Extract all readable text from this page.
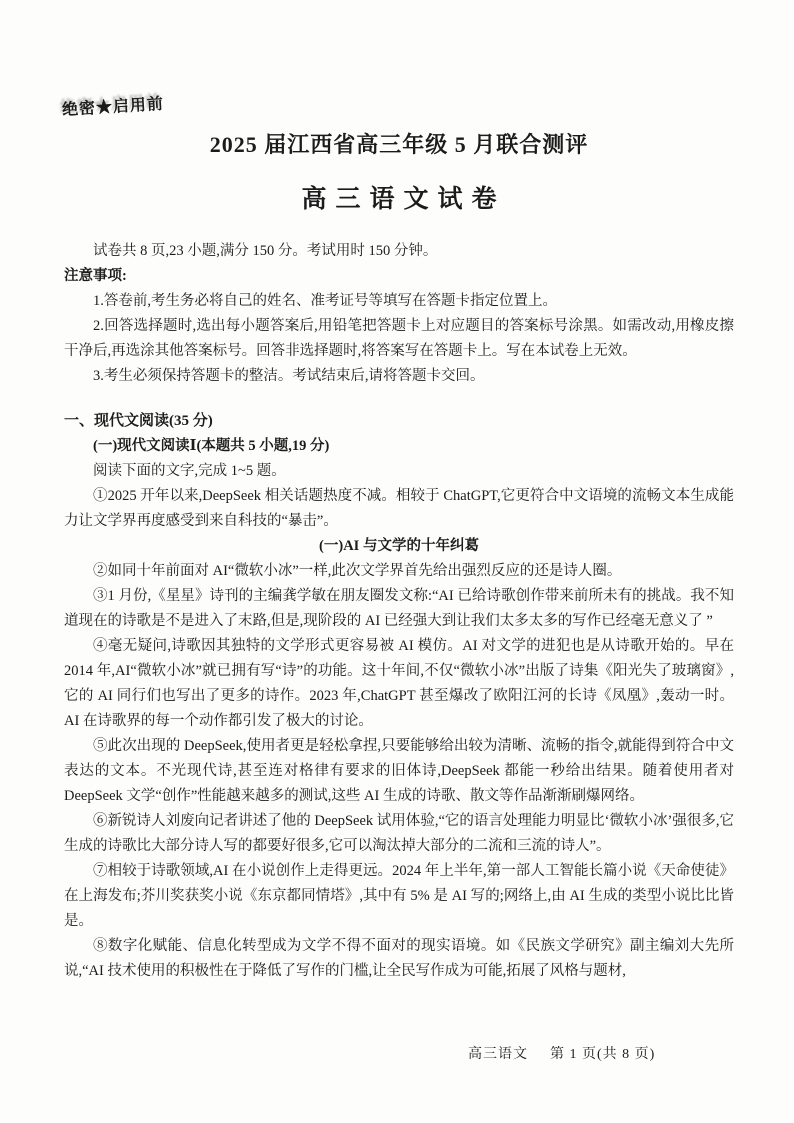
绝密★启用前
2025 届江西省高三年级 5 月联合测评
高三语文试卷

试卷共 8 页,23 小题,满分 150 分。考试用时 150 分钟。

注意事项:

1.答卷前,考生务必将自己的姓名、准考证号等填写在答题卡指定位置上。

2.回答选择题时,选出每小题答案后,用铅笔把答题卡上对应题目的答案标号涂黑。如需改动,用橡皮擦干净后,再选涂其他答案标号。回答非选择题时,将答案写在答题卡上。写在本试卷上无效。

3.考生必须保持答题卡的整洁。考试结束后,请将答题卡交回。

一、现代文阅读(35 分)

(一)现代文阅读Ⅰ(本题共 5 小题,19 分)

阅读下面的文字,完成 1~5 题。

①2025 开年以来,DeepSeek 相关话题热度不减。相较于 ChatGPT,它更符合中文语境的流畅文本生成能力让文学界再度感受到来自科技的“暴击”。

(一)AI 与文学的十年纠葛

②如同十年前面对 AI“微软小冰”一样,此次文学界首先给出强烈反应的还是诗人圈。

③1 月份,《星星》诗刊的主编龚学敏在朋友圈发文称:“AI 已给诗歌创作带来前所未有的挑战。我不知道现在的诗歌是不是进入了末路,但是,现阶段的 AI 已经强大到让我们太多太多的写作已经毫无意义了 ”

④毫无疑问,诗歌因其独特的文学形式更容易被 AI 模仿。AI 对文学的进犯也是从诗歌开始的。早在 2014 年,AI“微软小冰”就已拥有写“诗”的功能。这十年间,不仅“微软小冰”出版了诗集《阳光失了玻璃窗》,它的 AI 同行们也写出了更多的诗作。2023 年,ChatGPT 甚至爆改了欧阳江河的长诗《凤凰》,轰动一时。AI 在诗歌界的每一个动作都引发了极大的讨论。

⑤此次出现的 DeepSeek,使用者更是轻松拿捏,只要能够给出较为清晰、流畅的指令,就能得到符合中文表达的文本。不光现代诗,甚至连对格律有要求的旧体诗,DeepSeek 都能一秒给出结果。随着使用者对 DeepSeek 文学“创作”性能越来越多的测试,这些 AI 生成的诗歌、散文等作品渐渐刷爆网络。

⑥新锐诗人刘废向记者讲述了他的 DeepSeek 试用体验,“它的语言处理能力明显比‘微软小冰’强很多,它生成的诗歌比大部分诗人写的都要好很多,它可以淘汰掉大部分的二流和三流的诗人”。

⑦相较于诗歌领域,AI 在小说创作上走得更远。2024 年上半年,第一部人工智能长篇小说《天命使徒》在上海发布;芥川奖获奖小说《东京都同情塔》,其中有 5% 是 AI 写的;网络上,由 AI 生成的类型小说比比皆是。

⑧数字化赋能、信息化转型成为文学不得不面对的现实语境。如《民族文学研究》副主编刘大先所说,“AI 技术使用的积极性在于降低了写作的门槛,让全民写作成为可能,拓展了风格与题材,

高三语文 第 1 页(共 8 页)
